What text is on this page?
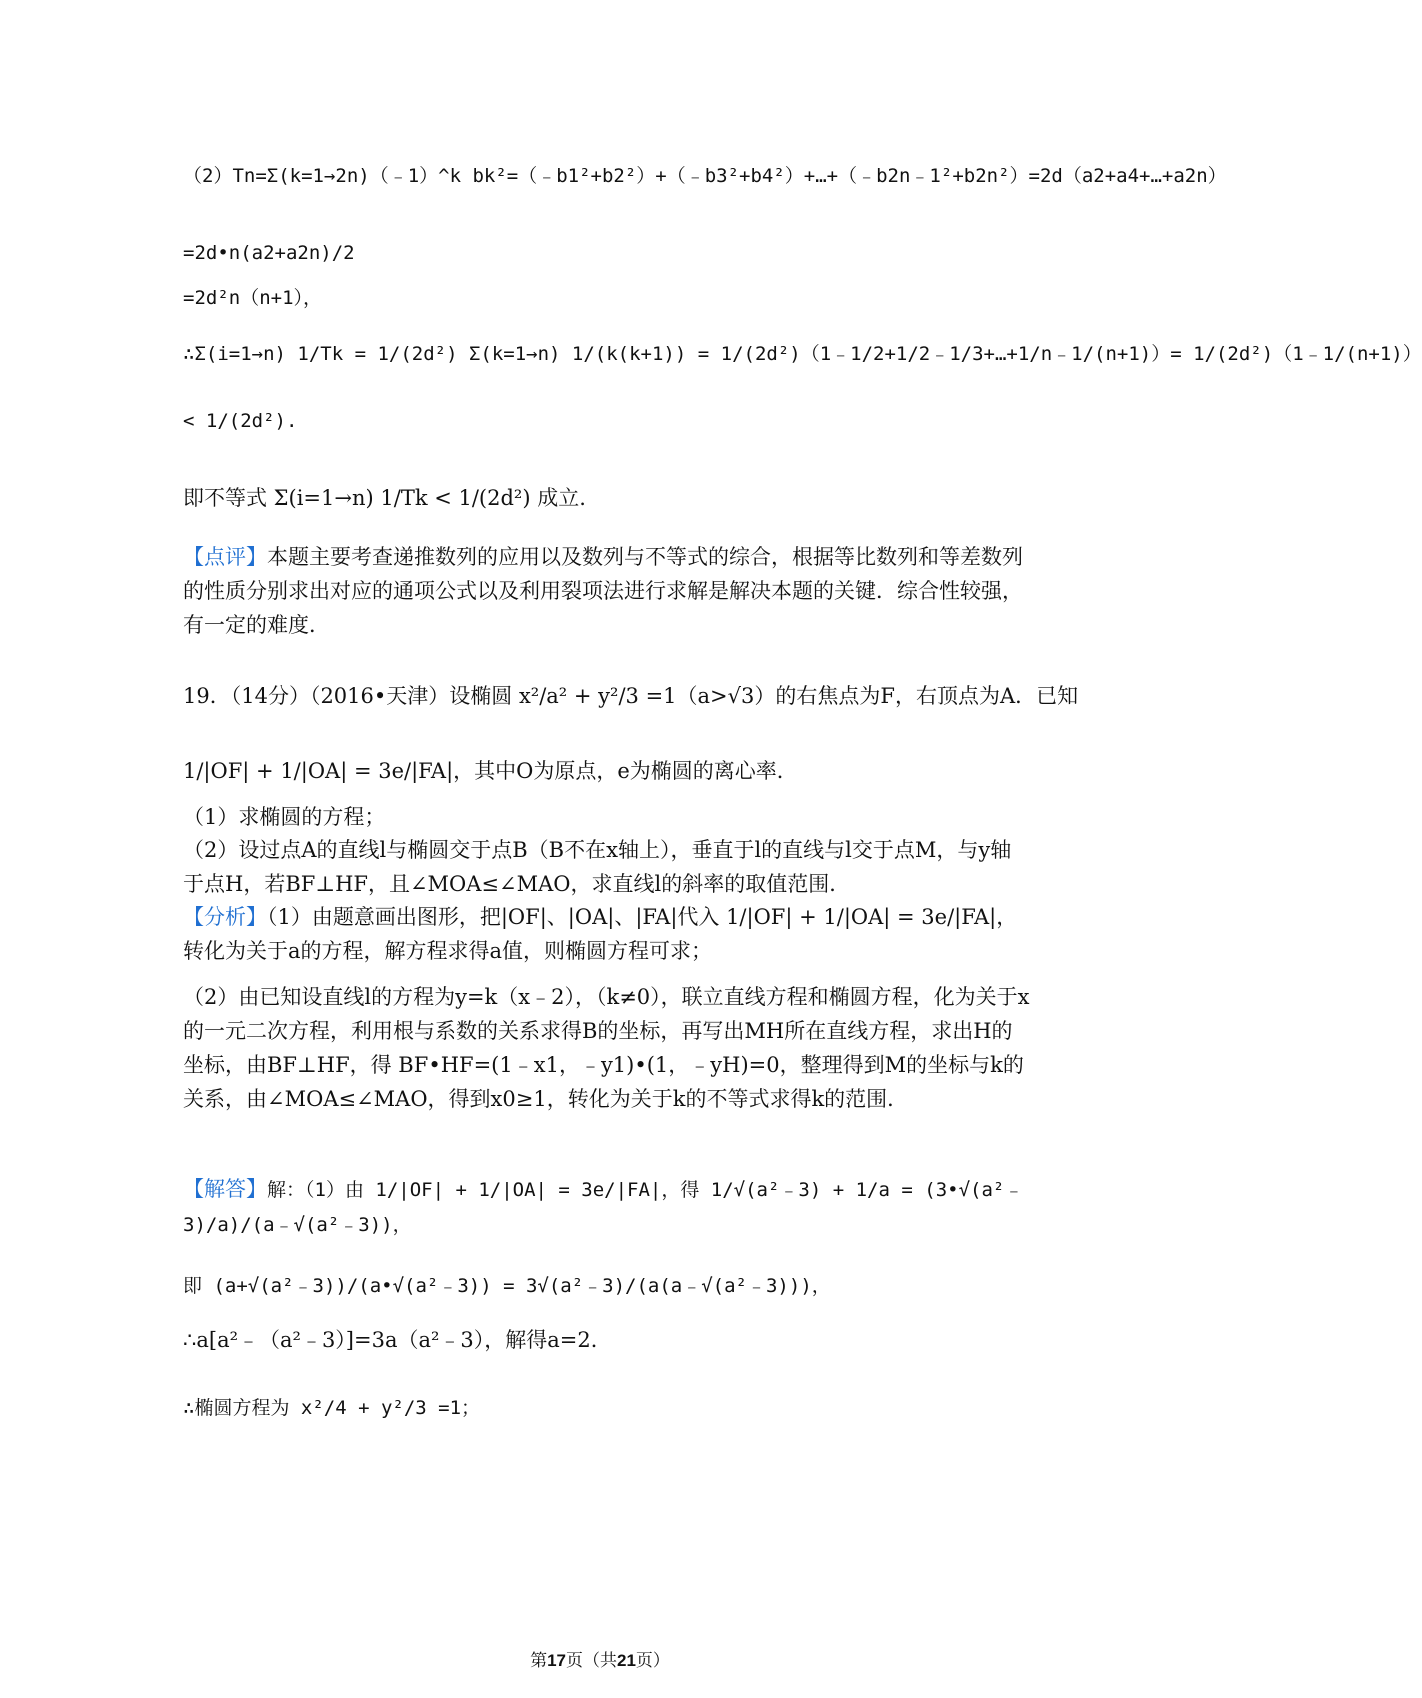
（2）Tn=Σ(k=1→2n)（﹣1）^k bk²=（﹣b1²+b2²）+（﹣b3²+b4²）+…+（﹣b2n﹣1²+b2n²）=2d（a2+a4+…+a2n）
=2d•n(a2+a2n)/2
=2d²n（n+1），
∴Σ(i=1→n) 1/Tk = 1/(2d²) Σ(k=1→n) 1/(k(k+1)) = 1/(2d²)（1﹣1/2+1/2﹣1/3+…+1/n﹣1/(n+1)）= 1/(2d²)（1﹣1/(n+1)）
< 1/(2d²).
即不等式 Σ(i=1→n) 1/Tk < 1/(2d²) 成立.
【点评】本题主要考查递推数列的应用以及数列与不等式的综合，根据等比数列和等差数列的性质分别求出对应的通项公式以及利用裂项法进行求解是解决本题的关键．综合性较强，有一定的难度．
19．（14分）（2016•天津）设椭圆 x²/a² + y²/3 =1（a>√3）的右焦点为F，右顶点为A．已知
1/|OF| + 1/|OA| = 3e/|FA|，其中O为原点，e为椭圆的离心率．
（1）求椭圆的方程；
（2）设过点A的直线l与椭圆交于点B（B不在x轴上），垂直于l的直线与l交于点M，与y轴于点H，若BF⊥HF，且∠MOA≤∠MAO，求直线l的斜率的取值范围．
【分析】（1）由题意画出图形，把|OF|、|OA|、|FA|代入 1/|OF| + 1/|OA| = 3e/|FA|，转化为关于a的方程，解方程求得a值，则椭圆方程可求；
（2）由已知设直线l的方程为y=k（x﹣2），（k≠0），联立直线方程和椭圆方程，化为关于x的一元二次方程，利用根与系数的关系求得B的坐标，再写出MH所在直线方程，求出H的坐标，由BF⊥HF，得 BF•HF=(1﹣x1，﹣y1)•(1，﹣yH)=0，整理得到M的坐标与k的关系，由∠MOA≤∠MAO，得到x0≥1，转化为关于k的不等式求得k的范围．
【解答】解：（1）由 1/|OF| + 1/|OA| = 3e/|FA|，得 1/√(a²﹣3) + 1/a = (3•√(a²﹣3)/a)/(a﹣√(a²﹣3))，
即 (a+√(a²﹣3))/(a•√(a²﹣3)) = 3√(a²﹣3)/(a(a﹣√(a²﹣3)))，
∴a[a²﹣（a²﹣3）]=3a（a²﹣3），解得a=2．
∴椭圆方程为 x²/4 + y²/3 =1；
第17页（共21页）
